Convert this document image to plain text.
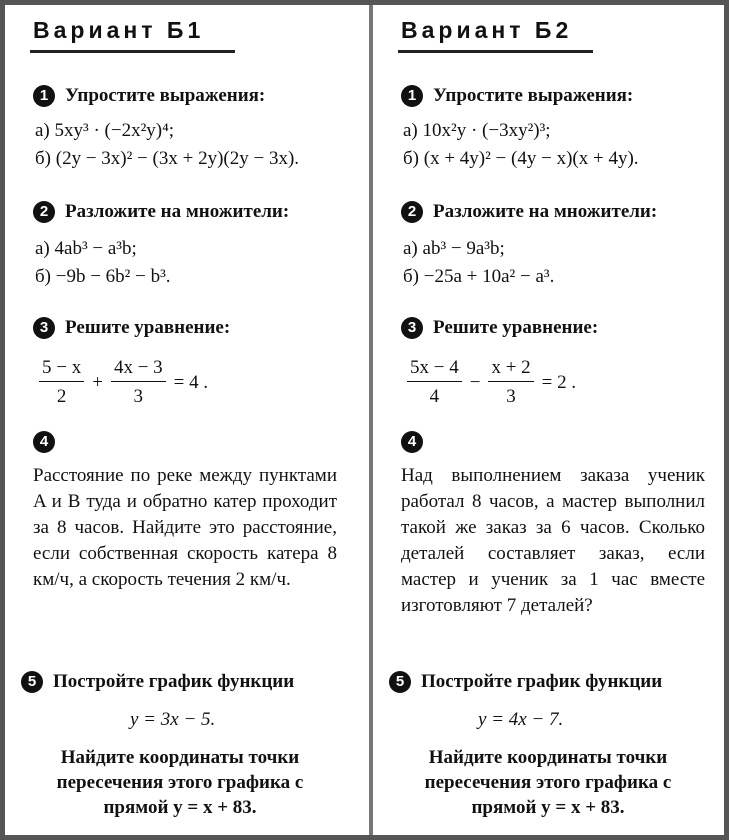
Вариант Б1
1 Упростите выражения:
а) 5xy³ · (−2x²y)⁴;
б) (2y − 3x)² − (3x + 2y)(2y − 3x).
2 Разложите на множители:
а) 4ab³ − a³b;
б) −9b − 6b² − b³.
3 Решите уравнение:
$\frac{5 - x}{2} + \frac{4x - 3}{3} = 4$ .
4

Расстояние по реке между пунктами A и B туда и обратно катер проходит за 8 часов. Найдите это расстояние, если собственная скорость катера 8 км/ч, а скорость течения 2 км/ч.

5 Постройте график функции
y = 3x − 5.
Найдите координаты точки пересечения этого графика с прямой y = x + 83.
Вариант Б2
1 Упростите выражения:
а) 10x²y · (−3xy²)³;
б) (x + 4y)² − (4y − x)(x + 4y).
2 Разложите на множители:
а) ab³ − 9a³b;
б) −25a + 10a² − a³.
3 Решите уравнение:
$\frac{5x - 4}{4} - \frac{x + 2}{3} = 2$ .
4

Над выполнением заказа ученик работал 8 часов, а мастер выполнил такой же заказ за 6 часов. Сколько деталей составляет заказ, если мастер и ученик за 1 час вместе изготовляют 7 деталей?

5 Постройте график функции
y = 4x − 7.
Найдите координаты точки пересечения этого графика с прямой y = x + 83.
